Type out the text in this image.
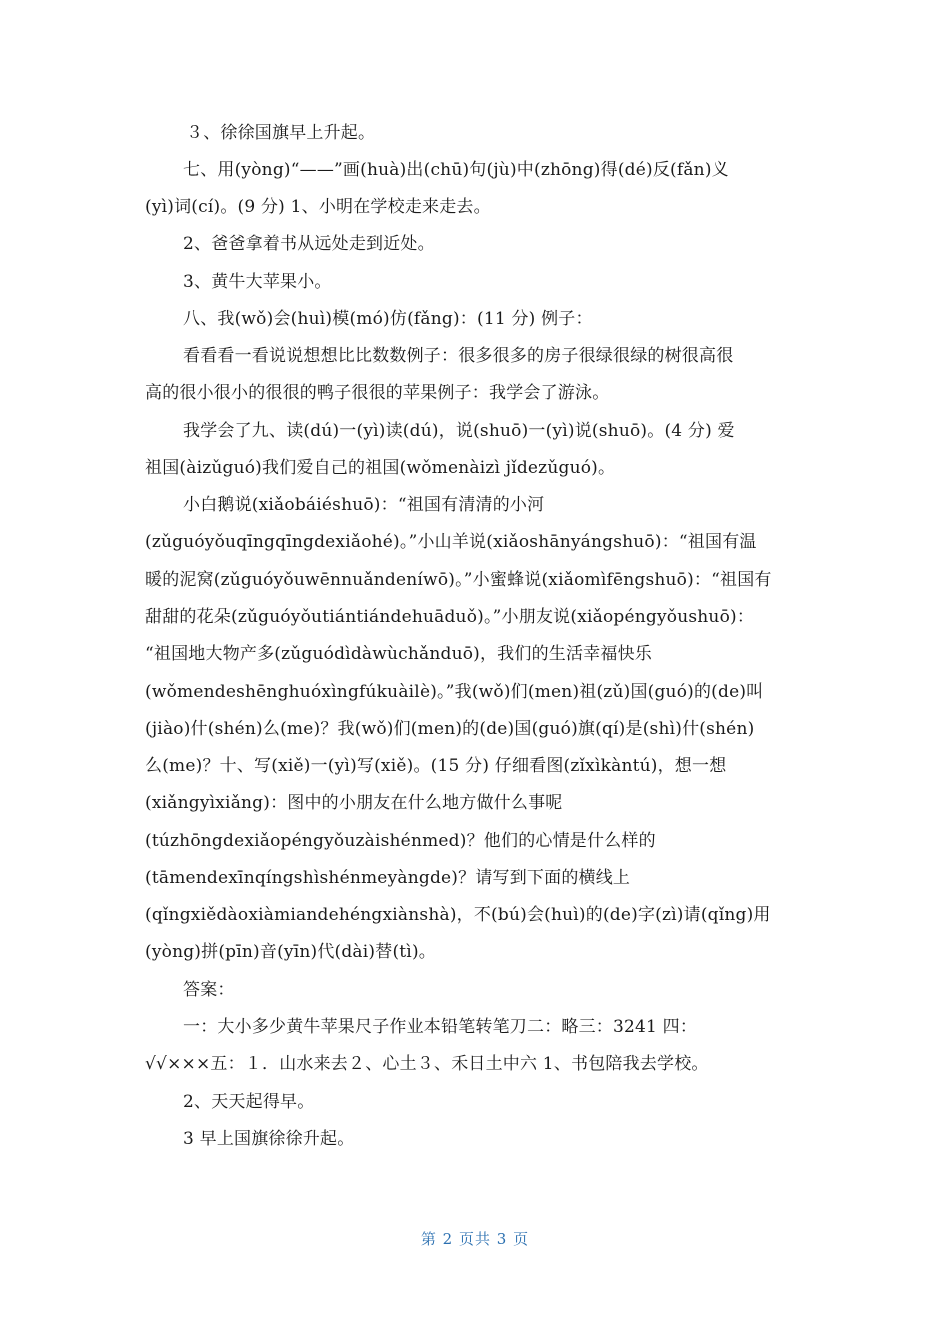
３、徐徐国旗早上升起。
七、用(yòng)“——”画(huà)出(chū)句(jù)中(zhōng)得(dé)反(fǎn)义
(yì)词(cí)。(9 分) 1、小明在学校走来走去。
2、爸爸拿着书从远处走到近处。
3、黄牛大苹果小。
八、我(wǒ)会(huì)模(mó)仿(fǎng)：(11 分) 例子：
看看看一看说说想想比比数数例子：很多很多的房子很绿很绿的树很高很
高的很小很小的很很的鸭子很很的苹果例子：我学会了游泳。
我学会了九、读(dú)一(yì)读(dú)，说(shuō)一(yì)说(shuō)。(4 分) 爱
祖国(àizǔguó)我们爱自己的祖国(wǒmenàizì jǐdezǔguó)。
小白鹅说(xiǎobáiéshuō)：“祖国有清清的小河
(zǔguóyǒuqīngqīngdexiǎohé)。”小山羊说(xiǎoshānyángshuō)：“祖国有温
暖的泥窝(zǔguóyǒuwēnnuǎndeníwō)。”小蜜蜂说(xiǎomìfēngshuō)：“祖国有
甜甜的花朵(zǔguóyǒutiántiándehuāduǒ)。”小朋友说(xiǎopéngyǒushuō)：
“祖国地大物产多(zǔguódìdàwùchǎnduō)，我们的生活幸福快乐
(wǒmendeshēnghuóxìngfúkuàilè)。”我(wǒ)们(men)祖(zǔ)国(guó)的(de)叫
(jiào)什(shén)么(me)？我(wǒ)们(men)的(de)国(guó)旗(qí)是(shì)什(shén)
么(me)？十、写(xiě)一(yì)写(xiě)。(15 分) 仔细看图(zǐxìkàntú)，想一想
(xiǎngyìxiǎng)：图中的小朋友在什么地方做什么事呢
(túzhōngdexiǎopéngyǒuzàishénmed)？他们的心情是什么样的
(tāmendexīnqíngshìshénmeyàngde)？请写到下面的横线上
(qǐngxiědàoxiàmiandehéngxiànshà)，不(bú)会(huì)的(de)字(zì)请(qǐng)用
(yòng)拼(pīn)音(yīn)代(dài)替(tì)。
答案：
一：大小多少黄牛苹果尺子作业本铅笔转笔刀二：略三：3241 四：
√√×××五：１．山水来去２、心土３、禾日土中六 1、书包陪我去学校。
2、天天起得早。
3 早上国旗徐徐升起。
第 2 页共 3 页
